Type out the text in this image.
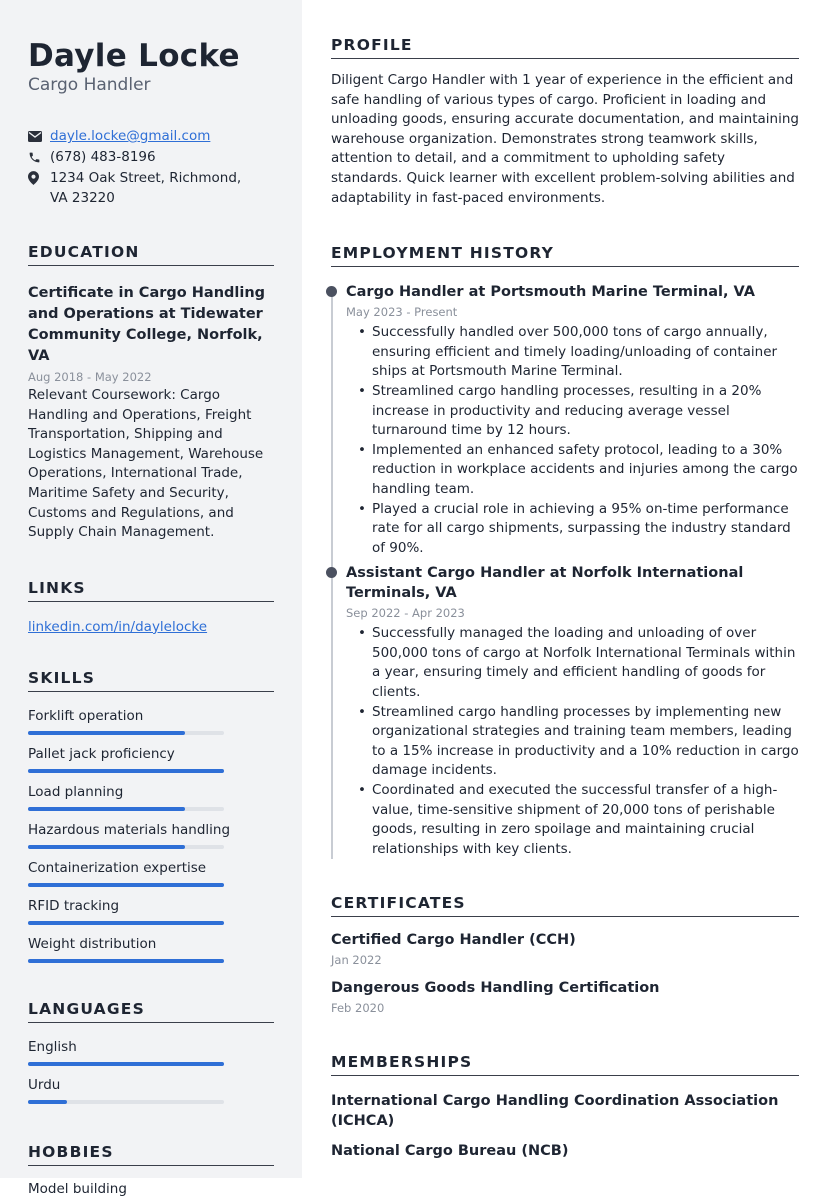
Dayle Locke
Cargo Handler
dayle.locke@gmail.com
(678) 483-8196
1234 Oak Street, Richmond, VA 23220
EDUCATION
Certificate in Cargo Handling and Operations at Tidewater Community College, Norfolk, VA
Aug 2018 - May 2022
Relevant Coursework: Cargo Handling and Operations, Freight Transportation, Shipping and Logistics Management, Warehouse Operations, International Trade, Maritime Safety and Security, Customs and Regulations, and Supply Chain Management.
LINKS
linkedin.com/in/daylelocke
SKILLS
Forklift operation
Pallet jack proficiency
Load planning
Hazardous materials handling
Containerization expertise
RFID tracking
Weight distribution
LANGUAGES
English
Urdu
HOBBIES
Model building
PROFILE

Diligent Cargo Handler with 1 year of experience in the efficient and safe handling of various types of cargo. Proficient in loading and unloading goods, ensuring accurate documentation, and maintaining warehouse organization. Demonstrates strong teamwork skills, attention to detail, and a commitment to upholding safety standards. Quick learner with excellent problem-solving abilities and adaptability in fast-paced environments.

EMPLOYMENT HISTORY
Cargo Handler at Portsmouth Marine Terminal, VA
May 2023 - Present
• Successfully handled over 500,000 tons of cargo annually, ensuring efficient and timely loading/unloading of container ships at Portsmouth Marine Terminal.
• Streamlined cargo handling processes, resulting in a 20% increase in productivity and reducing average vessel turnaround time by 12 hours.
• Implemented an enhanced safety protocol, leading to a 30% reduction in workplace accidents and injuries among the cargo handling team.
• Played a crucial role in achieving a 95% on-time performance rate for all cargo shipments, surpassing the industry standard of 90%.
Assistant Cargo Handler at Norfolk International Terminals, VA
Sep 2022 - Apr 2023
• Successfully managed the loading and unloading of over 500,000 tons of cargo at Norfolk International Terminals within a year, ensuring timely and efficient handling of goods for clients.
• Streamlined cargo handling processes by implementing new organizational strategies and training team members, leading to a 15% increase in productivity and a 10% reduction in cargo damage incidents.
• Coordinated and executed the successful transfer of a high-value, time-sensitive shipment of 20,000 tons of perishable goods, resulting in zero spoilage and maintaining crucial relationships with key clients.
CERTIFICATES
Certified Cargo Handler (CCH)
Jan 2022
Dangerous Goods Handling Certification
Feb 2020
MEMBERSHIPS
International Cargo Handling Coordination Association (ICHCA)
National Cargo Bureau (NCB)
